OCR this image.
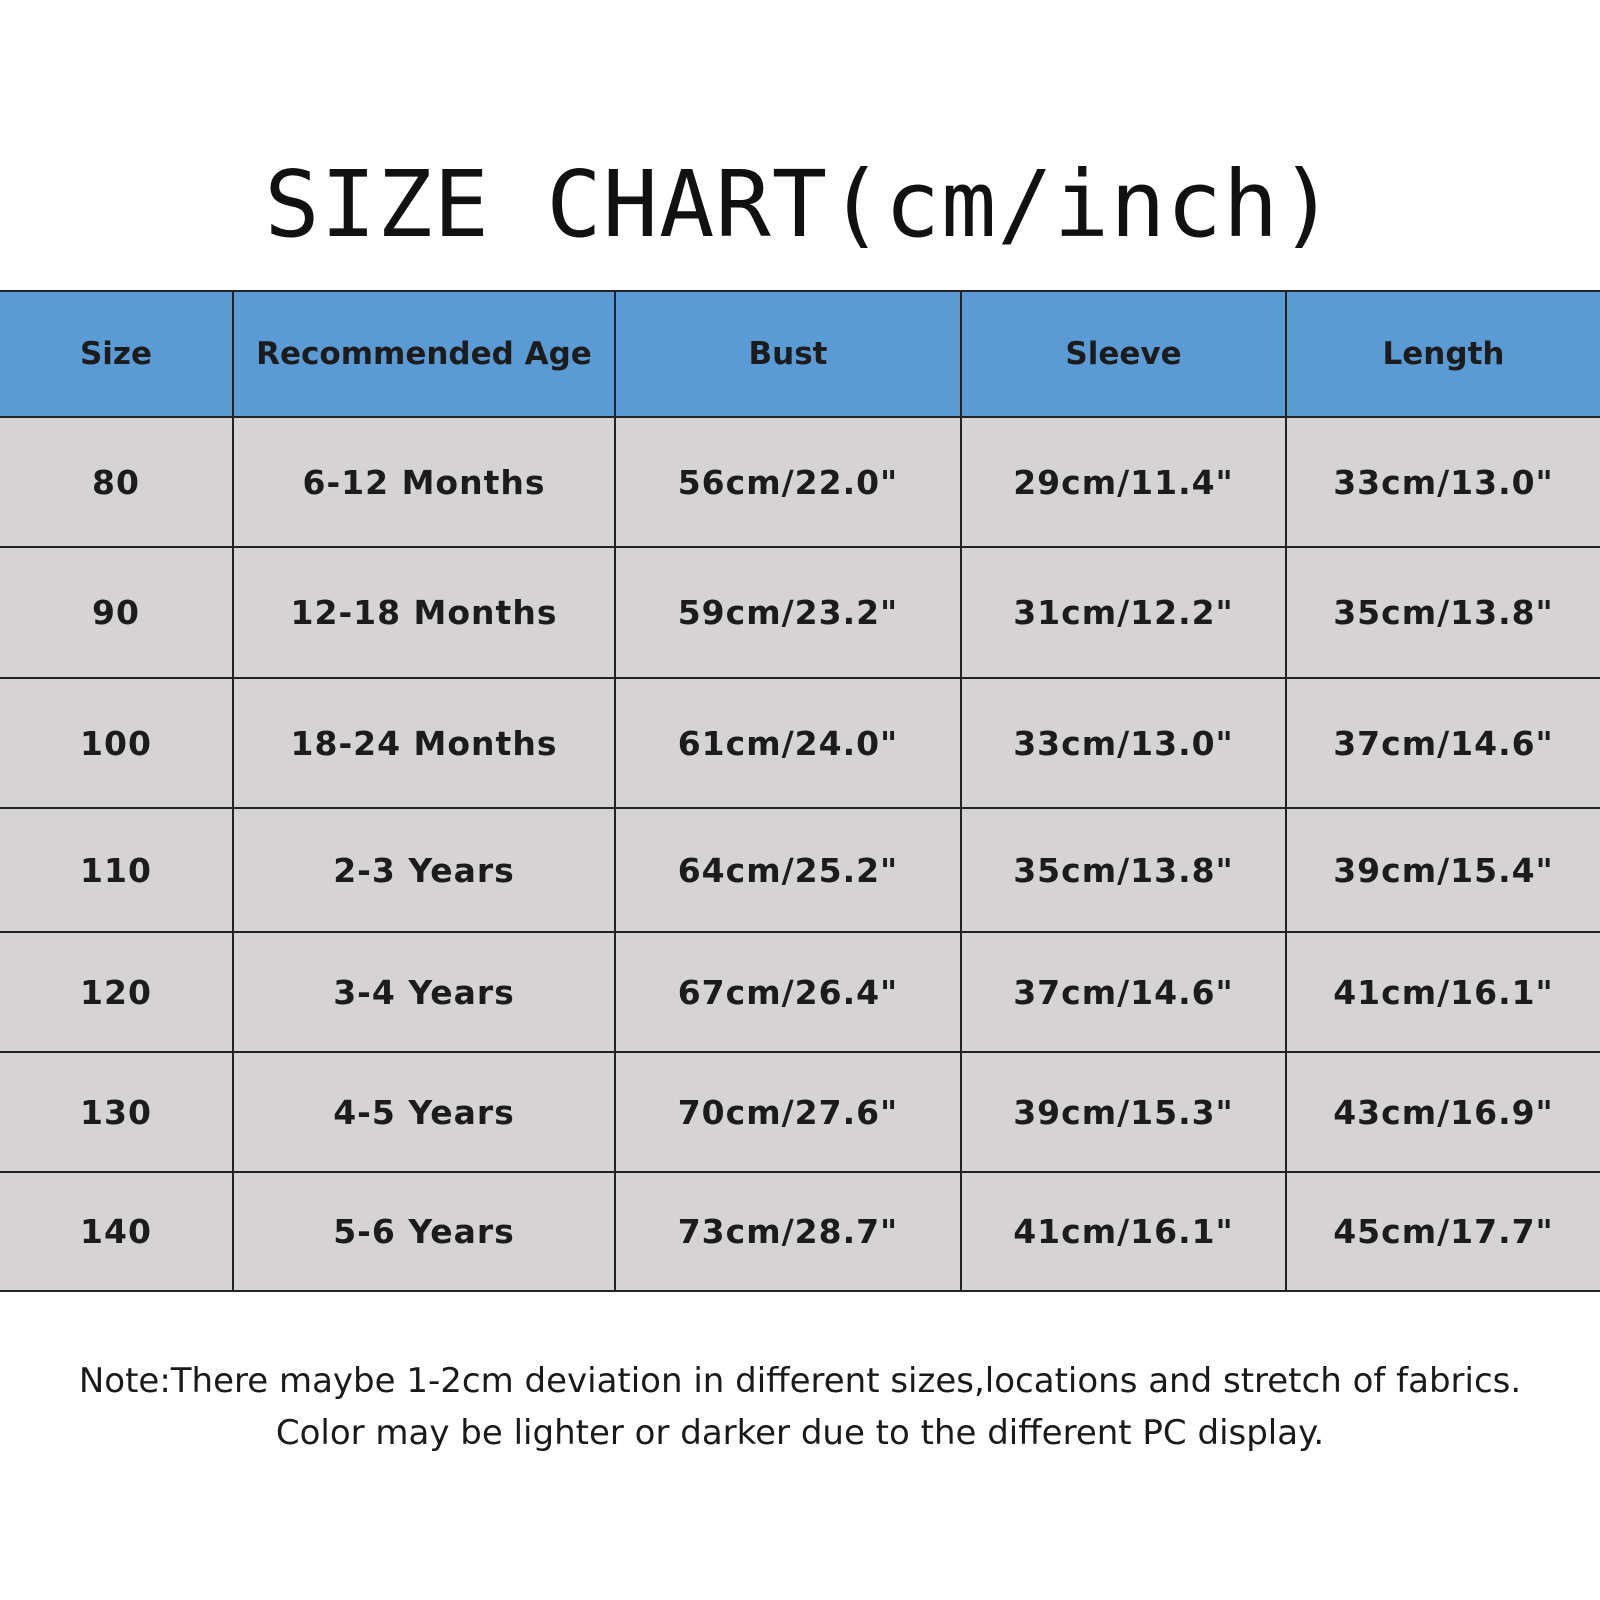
SIZE CHART(cm/inch)
Size	Recommended Age	Bust	Sleeve	Length
80	6-12 Months	56cm/22.0"	29cm/11.4"	33cm/13.0"
90	12-18 Months	59cm/23.2"	31cm/12.2"	35cm/13.8"
100	18-24 Months	61cm/24.0"	33cm/13.0"	37cm/14.6"
110	2-3 Years	64cm/25.2"	35cm/13.8"	39cm/15.4"
120	3-4 Years	67cm/26.4"	37cm/14.6"	41cm/16.1"
130	4-5 Years	70cm/27.6"	39cm/15.3"	43cm/16.9"
140	5-6 Years	73cm/28.7"	41cm/16.1"	45cm/17.7"
Note:There maybe 1-2cm deviation in different sizes,locations and stretch of fabrics.
Color may be lighter or darker due to the different PC display.
